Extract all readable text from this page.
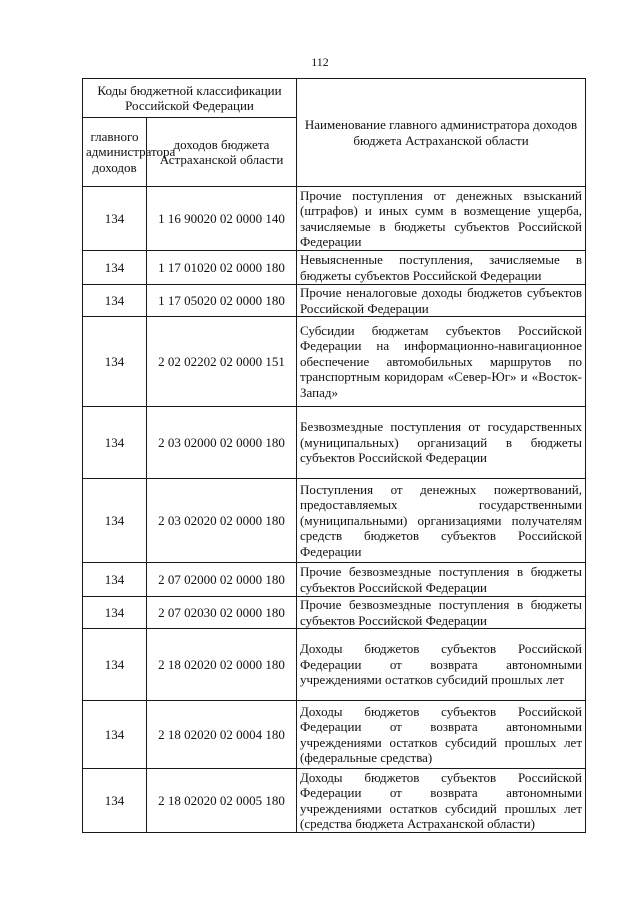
112
Коды бюджетной классификации Российской Федерации		Наименование главного администратора доходов бюджета Астраханской области
главного администратора доходов	доходов бюджета Астраханской области	
134	1 16 90020 02 0000 140	Прочие поступления от денежных взысканий (штрафов) и иных сумм в возмещение ущерба, зачисляемые в бюджеты субъектов Российской Федерации
134	1 17 01020 02 0000 180	Невыясненные поступления, зачисляемые в бюджеты субъектов Российской Федерации
134	1 17 05020 02 0000 180	Прочие неналоговые доходы бюджетов субъектов Российской Федерации
134	2 02 02202 02 0000 151	Субсидии бюджетам субъектов Российской Федерации на информационно-навигационное обеспечение автомобильных маршрутов по транспортным коридорам «Север-Юг» и «Восток-Запад»
134	2 03 02000 02 0000 180	Безвозмездные поступления от государственных (муниципальных) организаций в бюджеты субъектов Российской Федерации
134	2 03 02020 02 0000 180	Поступления от денежных пожертвований, предоставляемых государственными (муниципальными) организациями получателям средств бюджетов субъектов Российской Федерации
134	2 07 02000 02 0000 180	Прочие безвозмездные поступления в бюджеты субъектов Российской Федерации
134	2 07 02030 02 0000 180	Прочие безвозмездные поступления в бюджеты субъектов Российской Федерации
134	2 18 02020 02 0000 180	Доходы бюджетов субъектов Российской Федерации от возврата автономными учреждениями остатков субсидий прошлых лет
134	2 18 02020 02 0004 180	Доходы бюджетов субъектов Российской Федерации от возврата автономными учреждениями остатков субсидий прошлых лет (федеральные средства)
134	2 18 02020 02 0005 180	Доходы бюджетов субъектов Российской Федерации от возврата автономными учреждениями остатков субсидий прошлых лет (средства бюджета Астраханской области)
